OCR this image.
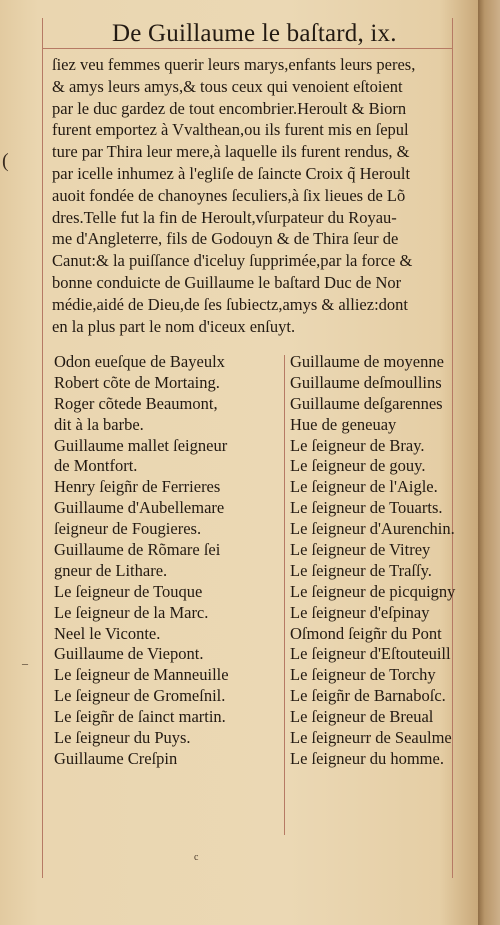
De Guillaume le baſtard, ix.
ſiez veu femmes querir leurs marys,enfants leurs peres,
& amys leurs amys,& tous ceux qui venoient eſtoient
par le duc gardez de tout encombrier.Heroult & Biorn
furent emportez à Vvalthean,ou ils furent mis en ſepul
ture par Thira leur mere,à laquelle ils furent rendus, &
par icelle inhumez à l'egliſe de ſaincte Croix q̃ Heroult
auoit fondée de chanoynes ſeculiers,à ſix lieues de Lõ
dres.Telle fut la fin de Heroult,vſurpateur du Royau-
me d'Angleterre, fils de Godouyn & de Thira ſeur de
Canut:& la puiſſance d'iceluy ſupprimée,par la force &
bonne conduicte de Guillaume le baſtard Duc de Nor
médie,aidé de Dieu,de ſes ſubiectz,amys & alliez:dont
en la plus part le nom d'iceux enſuyt.
Odon eueſque de Bayeulx
Robert cõte de Mortaing.
Roger cõtede Beaumont,
dit à la barbe.
Guillaume mallet ſeigneur
de Montfort.
Henry ſeigñr de Ferrieres
Guillaume d'Aubellemare
ſeigneur de Fougieres.
Guillaume de Rõmare ſei
gneur de Lithare.
Le ſeigneur de Touque
Le ſeigneur de la Marc.
Neel le Viconte.
Guillaume de Viepont.
Le ſeigneur de Manneuille
Le ſeigneur de Gromeſnil.
Le ſeigñr de ſainct martin.
Le ſeigneur du Puys.
Guillaume Creſpin
Guillaume de moyenne
Guillaume deſmoullins
Guillaume deſgarennes
Hue de geneuay
Le ſeigneur de Bray.
Le ſeigneur de gouy.
Le ſeigneur de l'Aigle.
Le ſeigneur de Touarts.
Le ſeigneur d'Aurenchin.
Le ſeigneur de Vitrey
Le ſeigneur de Traſſy.
Le ſeigneur de picquigny
Le ſeigneur d'eſpinay
Oſmond ſeigñr du Pont
Le ſeigneur d'Eſtouteuill
Le ſeigneur de Torchy
Le ſeigñr de Barnaboſc.
Le ſeigneur de Breual
Le ſeigneurr de Seaulme
Le ſeigneur du homme.
(
–
c
